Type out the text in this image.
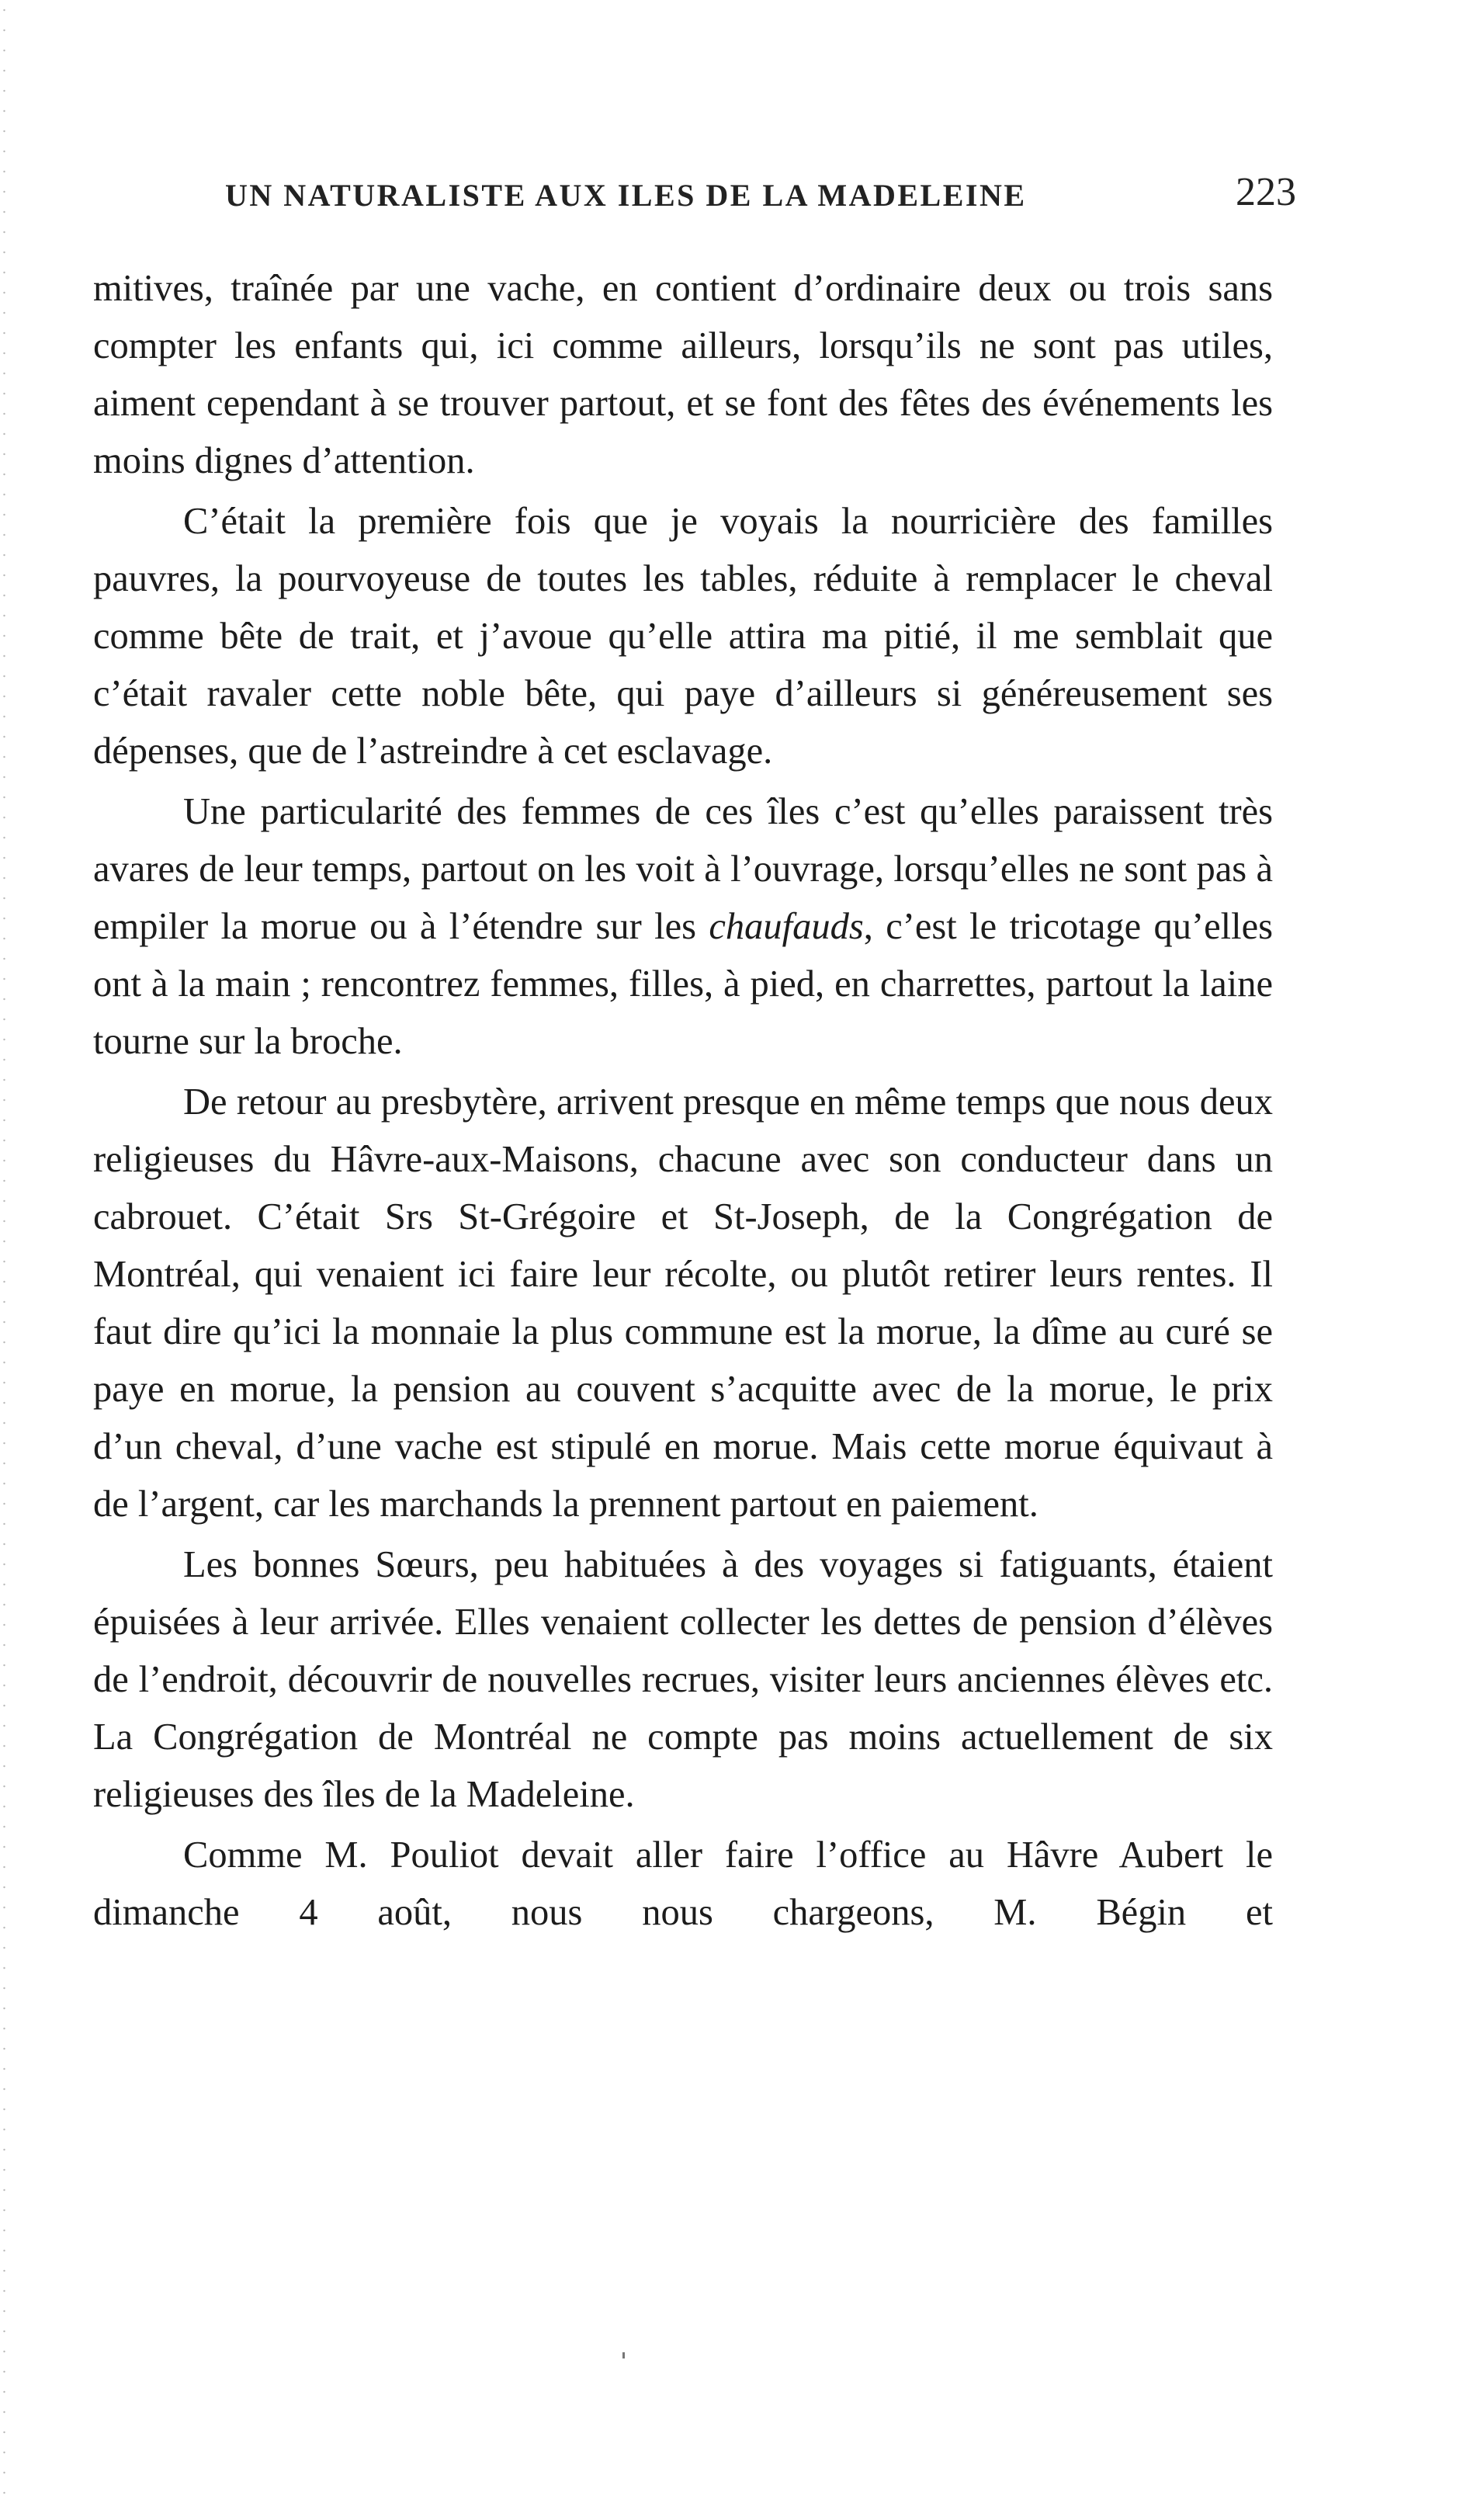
UN NATURALISTE AUX ILES DE LA MADELEINE	223

mitives, traînée par une vache, en contient d’ordinaire deux ou trois sans compter les enfants qui, ici comme ailleurs, lorsqu’ils ne sont pas utiles, aiment cependant à se trouver partout, et se font des fêtes des événements les moins dignes d’attention.

C’était la première fois que je voyais la nourricière des familles pauvres, la pourvoyeuse de toutes les tables, réduite à remplacer le cheval comme bête de trait, et j’avoue qu’elle attira ma pitié, il me semblait que c’était ravaler cette noble bête, qui paye d’ailleurs si généreusement ses dépenses, que de l’astreindre à cet esclavage.

Une particularité des femmes de ces îles c’est qu’elles paraissent très avares de leur temps, partout on les voit à l’ouvrage, lorsqu’elles ne sont pas à empiler la morue ou à l’étendre sur les chaufauds, c’est le tricotage qu’elles ont à la main ; rencontrez femmes, filles, à pied, en charrettes, partout la laine tourne sur la broche.

De retour au presbytère, arrivent presque en même temps que nous deux religieuses du Hâvre-aux-Maisons, chacune avec son conducteur dans un cabrouet. C’était Srs St-Grégoire et St-Joseph, de la Congrégation de Montréal, qui venaient ici faire leur récolte, ou plutôt retirer leurs rentes. Il faut dire qu’ici la monnaie la plus commune est la morue, la dîme au curé se paye en morue, la pension au couvent s’acquitte avec de la morue, le prix d’un cheval, d’une vache est stipulé en morue. Mais cette morue équivaut à de l’argent, car les marchands la prennent partout en paiement.

Les bonnes Sœurs, peu habituées à des voyages si fatiguants, étaient épuisées à leur arrivée. Elles venaient collecter les dettes de pension d’élèves de l’endroit, découvrir de nouvelles recrues, visiter leurs anciennes élèves etc. La Congrégation de Montréal ne compte pas moins actuellement de six religieuses des îles de la Madeleine.

Comme M. Pouliot devait aller faire l’office au Hâvre Aubert le dimanche 4 août, nous nous chargeons, M. Bégin et
